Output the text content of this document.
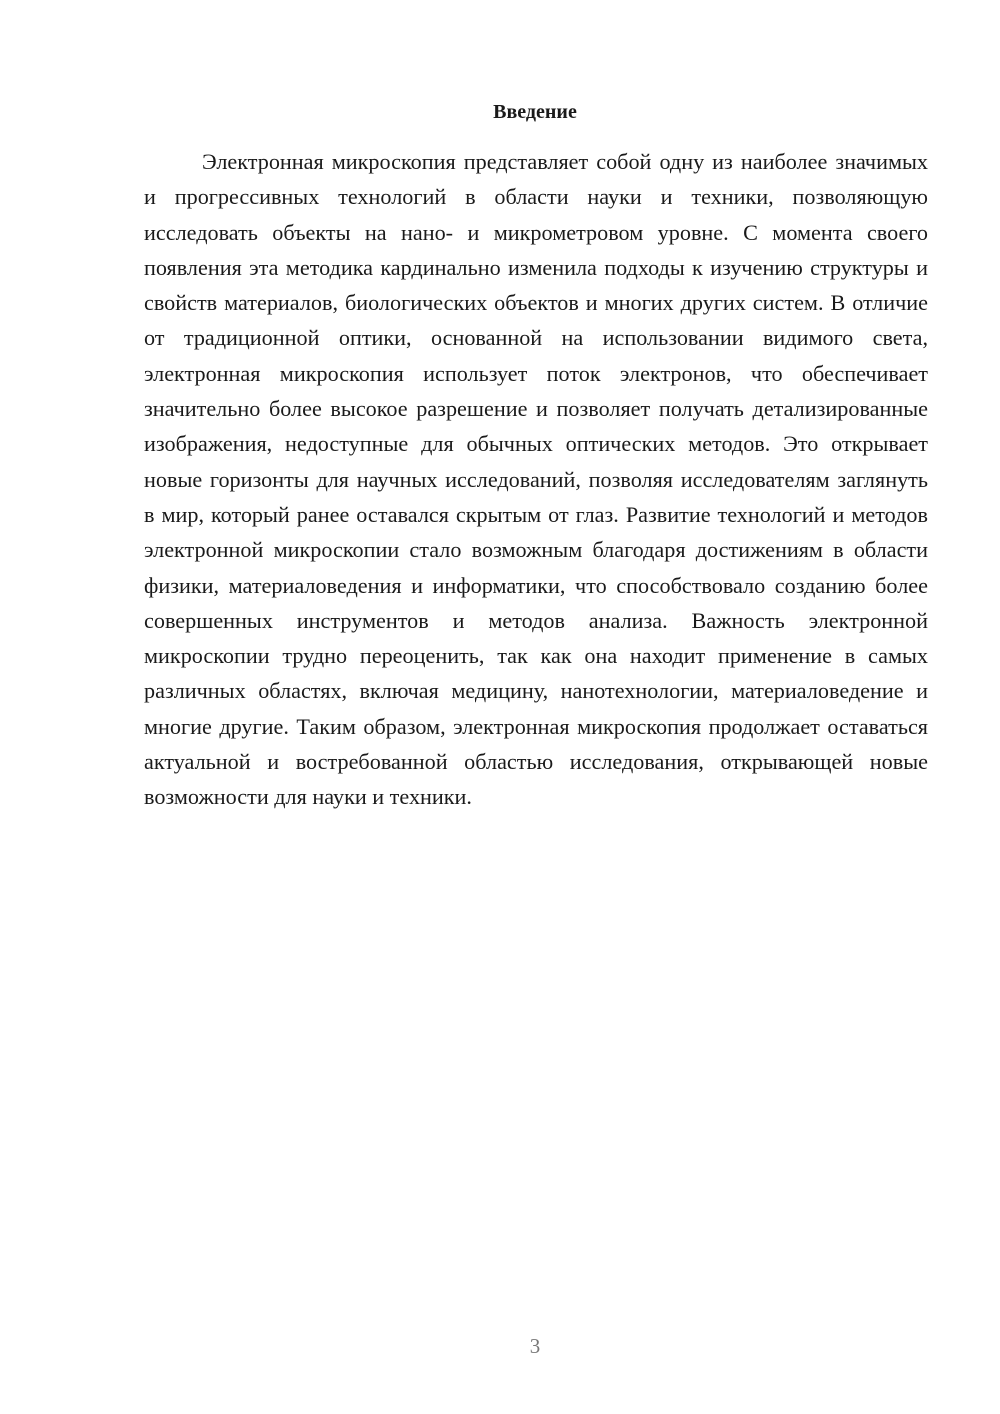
Введение

Электронная микроскопия представляет собой одну из наиболее значимых и прогрессивных технологий в области науки и техники, позволяющую исследовать объекты на нано- и микрометровом уровне. С момента своего появления эта методика кардинально изменила подходы к изучению структуры и свойств материалов, биологических объектов и многих других систем. В отличие от традиционной оптики, основанной на использовании видимого света, электронная микроскопия использует поток электронов, что обеспечивает значительно более высокое разрешение и позволяет получать детализированные изображения, недоступные для обычных оптических методов. Это открывает новые горизонты для научных исследований, позволяя исследователям заглянуть в мир, который ранее оставался скрытым от глаз. Развитие технологий и методов электронной микроскопии стало возможным благодаря достижениям в области физики, материаловедения и информатики, что способствовало созданию более совершенных инструментов и методов анализа. Важность электронной микроскопии трудно переоценить, так как она находит применение в самых различных областях, включая медицину, нанотехнологии, материаловедение и многие другие. Таким образом, электронная микроскопия продолжает оставаться актуальной и востребованной областью исследования, открывающей новые возможности для науки и техники.

3
